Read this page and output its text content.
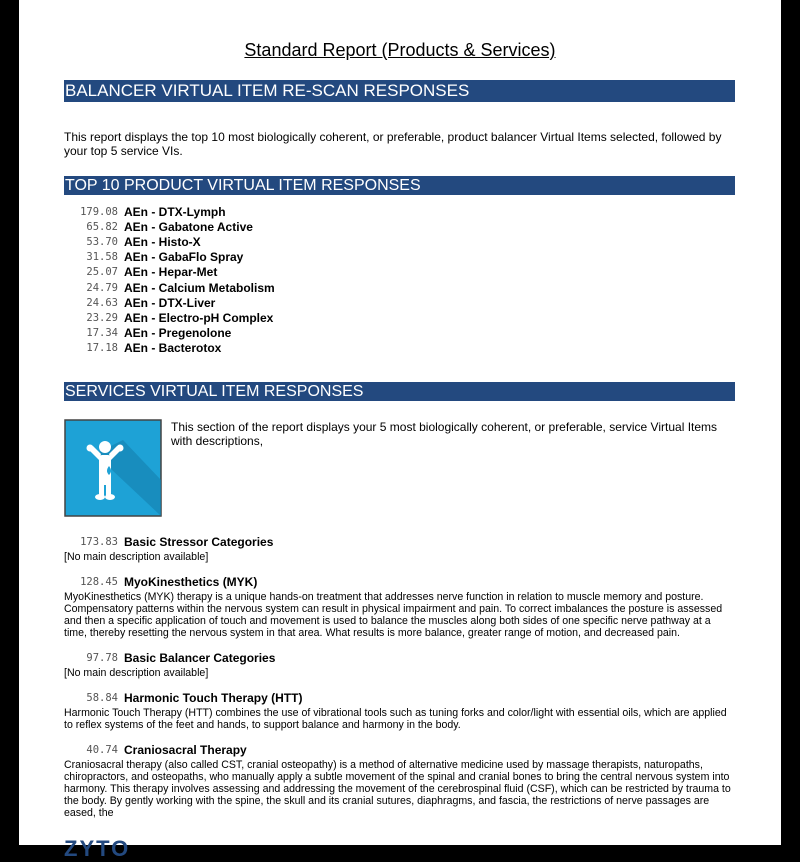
Standard Report (Products & Services)
BALANCER VIRTUAL ITEM RE-SCAN RESPONSES
This report displays the top 10 most biologically coherent, or preferable, product balancer Virtual Items selected, followed by your top 5 service VIs.
TOP 10 PRODUCT VIRTUAL ITEM RESPONSES
179.08 AEn - DTX-Lymph
65.82 AEn - Gabatone Active
53.70 AEn - Histo-X
31.58 AEn - GabaFlo Spray
25.07 AEn - Hepar-Met
24.79 AEn - Calcium Metabolism
24.63 AEn - DTX-Liver
23.29 AEn - Electro-pH Complex
17.34 AEn - Pregenolone
17.18 AEn - Bacterotox
SERVICES VIRTUAL ITEM RESPONSES
This section of the report displays your 5 most biologically coherent, or preferable, service Virtual Items with descriptions,
173.83 Basic Stressor Categories
[No main description available]
128.45 MyoKinesthetics (MYK)
MyoKinesthetics (MYK) therapy is a unique hands-on treatment that addresses nerve function in relation to muscle memory and posture. Compensatory patterns within the nervous system can result in physical impairment and pain. To correct imbalances the posture is assessed and then a specific application of touch and movement is used to balance the muscles along both sides of one specific nerve pathway at a time, thereby resetting the nervous system in that area. What results is more balance, greater range of motion, and decreased pain.
97.78 Basic Balancer Categories
[No main description available]
58.84 Harmonic Touch Therapy (HTT)
Harmonic Touch Therapy (HTT) combines the use of vibrational tools such as tuning forks and color/light with essential oils, which are applied to reflex systems of the feet and hands, to support balance and harmony in the body.
40.74 Craniosacral Therapy
Craniosacral therapy (also called CST, cranial osteopathy) is a method of alternative medicine used by massage therapists, naturopaths, chiropractors, and osteopaths, who manually apply a subtle movement of the spinal and cranial bones to bring the central nervous system into harmony. This therapy involves assessing and addressing the movement of the cerebrospinal fluid (CSF), which can be restricted by trauma to the body. By gently working with the spine, the skull and its cranial sutures, diaphragms, and fascia, the restrictions of nerve passages are eased, the
ZYTO
